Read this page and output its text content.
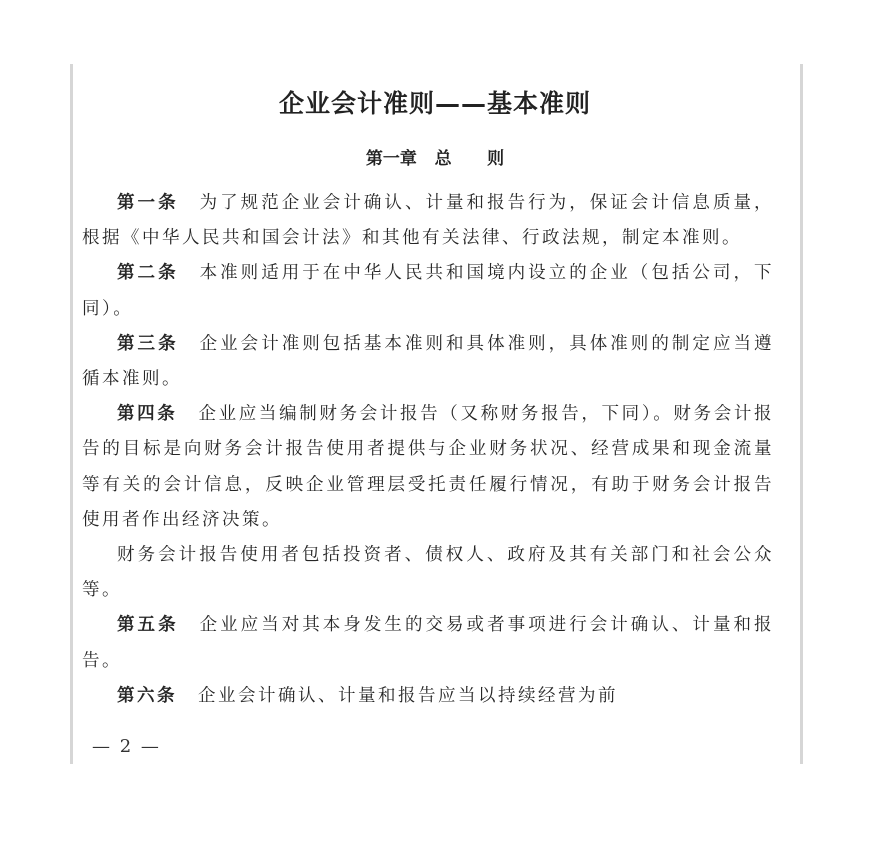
企业会计准则——基本准则
第一章   总      则

第一条 为了规范企业会计确认、计量和报告行为，保证会计信息质量，根据《中华人民共和国会计法》和其他有关法律、行政法规，制定本准则。

第二条 本准则适用于在中华人民共和国境内设立的企业（包括公司，下同）。

第三条 企业会计准则包括基本准则和具体准则，具体准则的制定应当遵循本准则。

第四条 企业应当编制财务会计报告（又称财务报告，下同）。财务会计报告的目标是向财务会计报告使用者提供与企业财务状况、经营成果和现金流量等有关的会计信息，反映企业管理层受托责任履行情况，有助于财务会计报告使用者作出经济决策。

财务会计报告使用者包括投资者、债权人、政府及其有关部门和社会公众等。

第五条 企业应当对其本身发生的交易或者事项进行会计确认、计量和报告。

第六条 企业会计确认、计量和报告应当以持续经营为前

— 2 —
